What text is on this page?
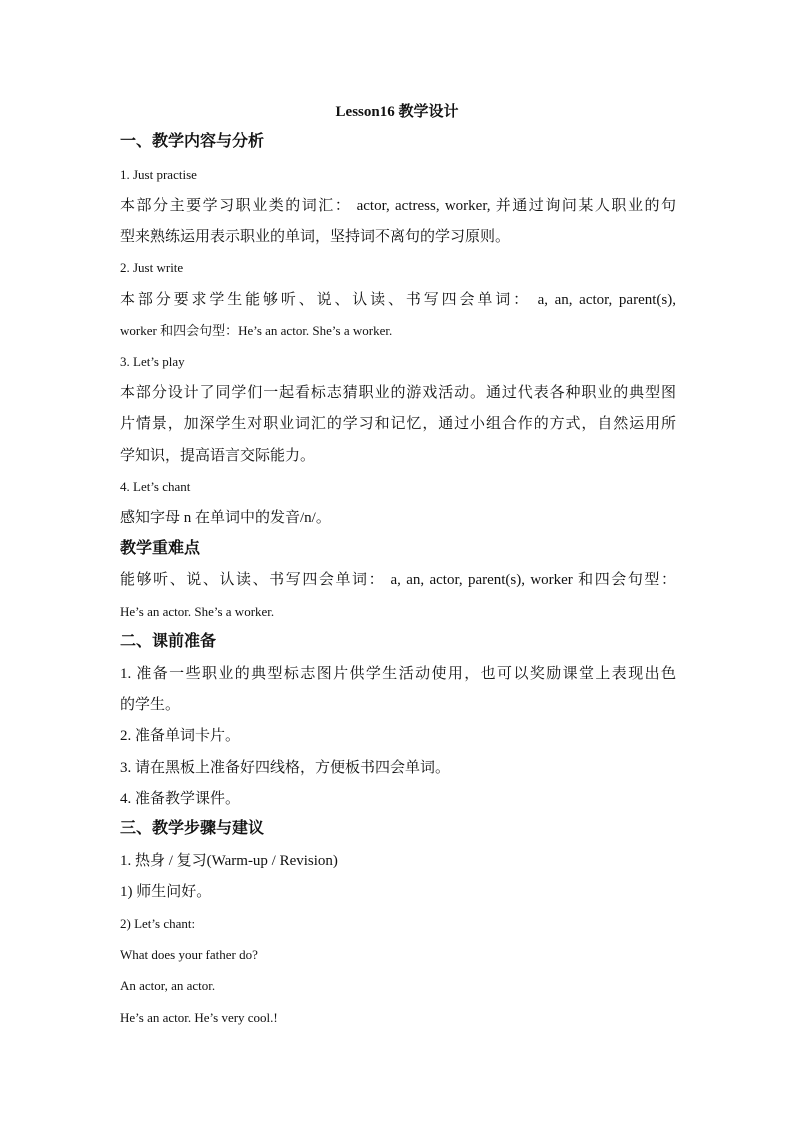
Lesson16 教学设计
一、教学内容与分析
1. Just practise
本部分主要学习职业类的词汇： actor, actress, worker, 并通过询问某人职业的句
型来熟练运用表示职业的单词，坚持词不离句的学习原则。
2. Just write
本部分要求学生能够听、说、认读、书写四会单词： a, an, actor, parent(s),
worker 和四会句型：He’s an actor. She’s a worker.
3. Let’s play
本部分设计了同学们一起看标志猜职业的游戏活动。通过代表各种职业的典型图
片情景，加深学生对职业词汇的学习和记忆，通过小组合作的方式，自然运用所
学知识，提高语言交际能力。
4. Let’s chant
感知字母 n 在单词中的发音/n/。
教学重难点
能够听、说、认读、书写四会单词： a, an, actor, parent(s), worker 和四会句型：
He’s an actor. She’s a worker.
二、课前准备
1. 准备一些职业的典型标志图片供学生活动使用，也可以奖励课堂上表现出色
的学生。
2. 准备单词卡片。
3. 请在黑板上准备好四线格，方便板书四会单词。
4. 准备教学课件。
三、教学步骤与建议
1. 热身 / 复习(Warm-up / Revision)
1) 师生问好。
2) Let’s chant:
What does your father do?
An actor, an actor.
He’s an actor. He’s very cool.!
